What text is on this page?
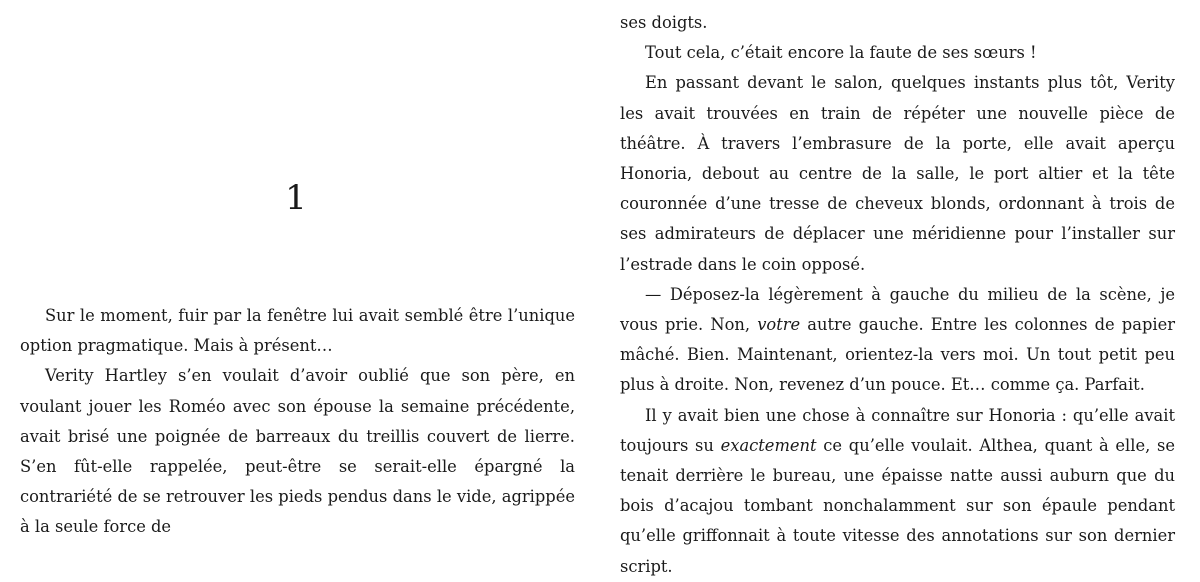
1

Sur le moment, fuir par la fenêtre lui avait semblé être l’unique option pragmatique. Mais à présent…

Verity Hartley s’en voulait d’avoir oublié que son père, en voulant jouer les Roméo avec son épouse la semaine précédente, avait brisé une poignée de barreaux du treillis couvert de lierre. S’en fût-elle rappelée, peut-être se serait-elle épargné la contrariété de se retrouver les pieds pendus dans le vide, agrippée à la seule force de

ses doigts.

Tout cela, c’était encore la faute de ses sœurs !

En passant devant le salon, quelques instants plus tôt, Verity les avait trouvées en train de répéter une nouvelle pièce de théâtre. À travers l’embrasure de la porte, elle avait aperçu Honoria, debout au centre de la salle, le port altier et la tête couronnée d’une tresse de cheveux blonds, ordonnant à trois de ses admirateurs de déplacer une méridienne pour l’installer sur l’estrade dans le coin opposé.

— Déposez-la légèrement à gauche du milieu de la scène, je vous prie. Non, votre autre gauche. Entre les colonnes de papier mâché. Bien. Maintenant, orientez-la vers moi. Un tout petit peu plus à droite. Non, revenez d’un pouce. Et… comme ça. Parfait.

Il y avait bien une chose à connaître sur Honoria : qu’elle avait toujours su exactement ce qu’elle voulait. Althea, quant à elle, se tenait derrière le bureau, une épaisse natte aussi auburn que du bois d’acajou tombant nonchalamment sur son épaule pendant qu’elle griffonnait à toute vitesse des annotations sur son dernier script.
